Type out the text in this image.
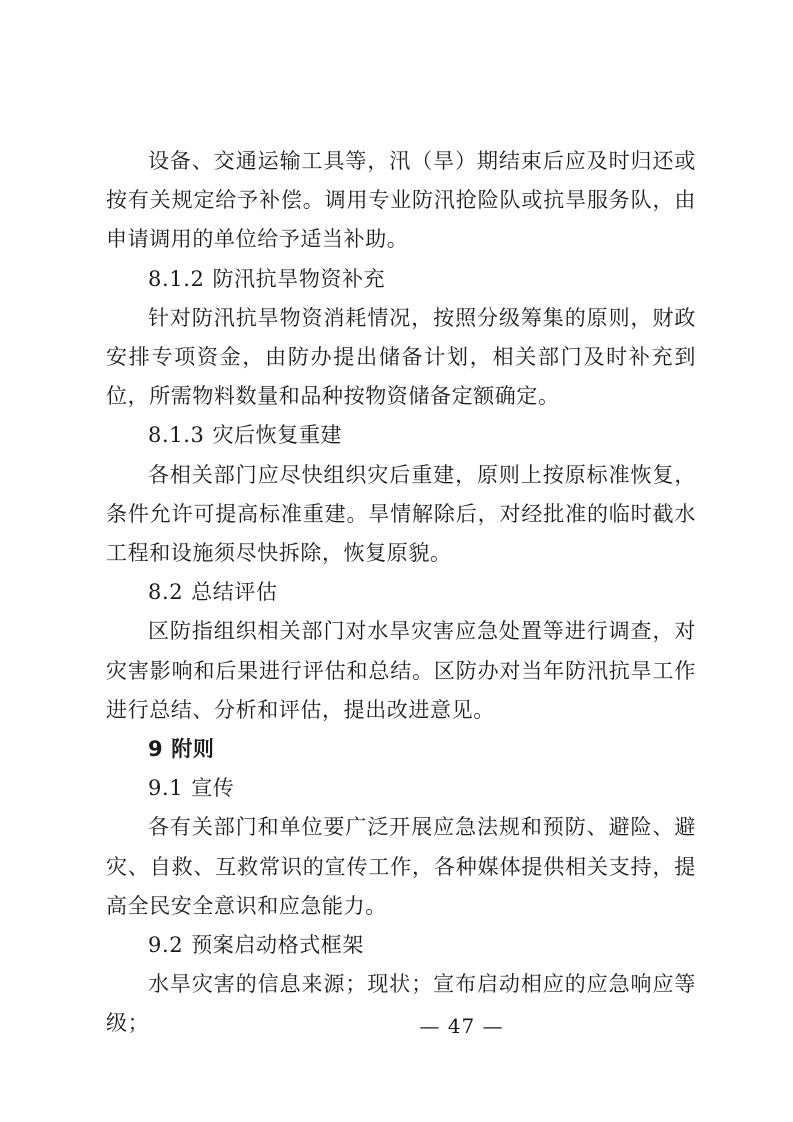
设备、交通运输工具等，汛（旱）期结束后应及时归还或按有关规定给予补偿。调用专业防汛抢险队或抗旱服务队，由申请调用的单位给予适当补助。

8.1.2 防汛抗旱物资补充

针对防汛抗旱物资消耗情况，按照分级筹集的原则，财政安排专项资金，由防办提出储备计划，相关部门及时补充到位，所需物料数量和品种按物资储备定额确定。

8.1.3 灾后恢复重建

各相关部门应尽快组织灾后重建，原则上按原标准恢复，条件允许可提高标准重建。旱情解除后，对经批准的临时截水工程和设施须尽快拆除，恢复原貌。

8.2 总结评估

区防指组织相关部门对水旱灾害应急处置等进行调查，对灾害影响和后果进行评估和总结。区防办对当年防汛抗旱工作进行总结、分析和评估，提出改进意见。

9 附则

9.1 宣传

各有关部门和单位要广泛开展应急法规和预防、避险、避灾、自救、互救常识的宣传工作，各种媒体提供相关支持，提高全民安全意识和应急能力。

9.2 预案启动格式框架

水旱灾害的信息来源；现状；宣布启动相应的应急响应等级；	— 47 —
